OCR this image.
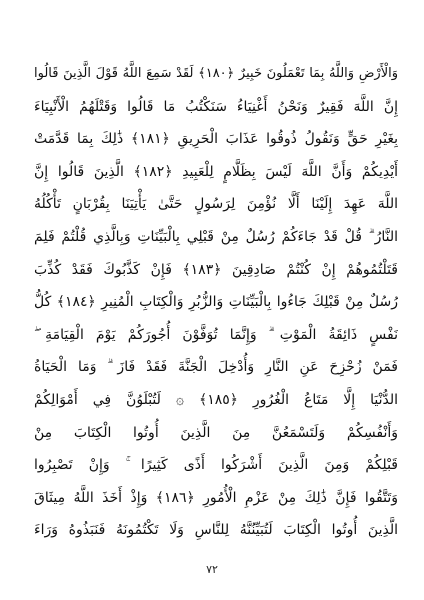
وَالْأَرْضِ وَاللَّهُ بِمَا تَعْمَلُونَ خَبِيرٌ ﴿١٨٠﴾ لَقَدْ سَمِعَ اللَّهُ قَوْلَ الَّذِينَ قَالُوا
إِنَّ اللَّهَ فَقِيرٌ وَنَحْنُ أَغْنِيَاءُ سَنَكْتُبُ مَا قَالُوا وَقَتْلَهُمُ الْأَنْبِيَاءَ
بِغَيْرِ حَقٍّ وَنَقُولُ ذُوقُوا عَذَابَ الْحَرِيقِ ﴿١٨١﴾ ذَٰلِكَ بِمَا قَدَّمَتْ
أَيْدِيكُمْ وَأَنَّ اللَّهَ لَيْسَ بِظَلَّامٍ لِلْعَبِيدِ ﴿١٨٢﴾ الَّذِينَ قَالُوا إِنَّ
اللَّهَ عَهِدَ إِلَيْنَا أَلَّا نُؤْمِنَ لِرَسُولٍ حَتَّىٰ يَأْتِيَنَا بِقُرْبَانٍ تَأْكُلُهُ
النَّارُ ۗ قُلْ قَدْ جَاءَكُمْ رُسُلٌ مِنْ قَبْلِي بِالْبَيِّنَاتِ وَبِالَّذِي قُلْتُمْ فَلِمَ
قَتَلْتُمُوهُمْ إِنْ كُنْتُمْ صَادِقِينَ ﴿١٨٣﴾ فَإِنْ كَذَّبُوكَ فَقَدْ كُذِّبَ
رُسُلٌ مِنْ قَبْلِكَ جَاءُوا بِالْبَيِّنَاتِ وَالزُّبُرِ وَالْكِتَابِ الْمُنِيرِ ﴿١٨٤﴾ كُلُّ
نَفْسٍ ذَائِقَةُ الْمَوْتِ ۗ وَإِنَّمَا تُوَفَّوْنَ أُجُورَكُمْ يَوْمَ الْقِيَامَةِ ۖ
فَمَنْ زُحْزِحَ عَنِ النَّارِ وَأُدْخِلَ الْجَنَّةَ فَقَدْ فَازَ ۗ وَمَا الْحَيَاةُ
الدُّنْيَا إِلَّا مَتَاعُ الْغُرُورِ ﴿١٨٥﴾ ۞ لَتُبْلَوُنَّ فِي أَمْوَالِكُمْ
وَأَنْفُسِكُمْ وَلَتَسْمَعُنَّ مِنَ الَّذِينَ أُوتُوا الْكِتَابَ مِنْ
قَبْلِكُمْ وَمِنَ الَّذِينَ أَشْرَكُوا أَذًى كَثِيرًا ۚ وَإِنْ تَصْبِرُوا
وَتَتَّقُوا فَإِنَّ ذَٰلِكَ مِنْ عَزْمِ الْأُمُورِ ﴿١٨٦﴾ وَإِذْ أَخَذَ اللَّهُ مِيثَاقَ
الَّذِينَ أُوتُوا الْكِتَابَ لَتُبَيِّنُنَّهُ لِلنَّاسِ وَلَا تَكْتُمُونَهُ فَنَبَذُوهُ وَرَاءَ
٧٢
